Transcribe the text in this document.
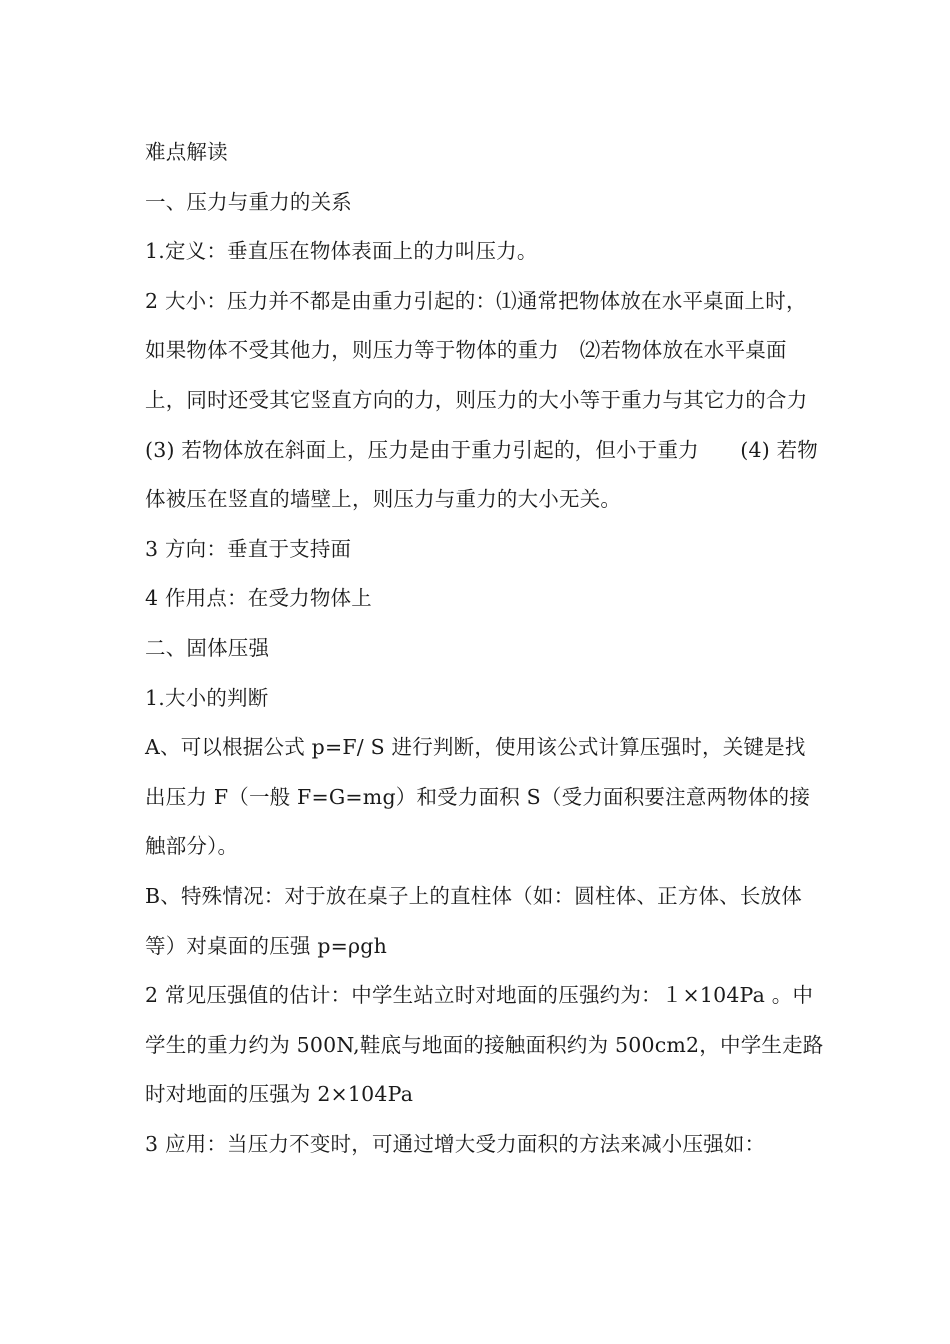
难点解读

一、压力与重力的关系

1.定义：垂直压在物体表面上的力叫压力。

2 大小：压力并不都是由重力引起的：⑴通常把物体放在水平桌面上时，如果物体不受其他力，则压力等于物体的重力　⑵若物体放在水平桌面上，同时还受其它竖直方向的力，则压力的大小等于重力与其它力的合力　(3) 若物体放在斜面上，压力是由于重力引起的，但小于重力　　(4) 若物体被压在竖直的墙壁上，则压力与重力的大小无关。

3 方向：垂直于支持面

4 作用点：在受力物体上

二、固体压强

1.大小的判断

A、可以根据公式 p=F/ S 进行判断，使用该公式计算压强时，关键是找出压力 F（一般 F=G=mg）和受力面积 S（受力面积要注意两物体的接触部分）。

B、特殊情况：对于放在桌子上的直柱体（如：圆柱体、正方体、长放体等）对桌面的压强 p=ρgh

2 常见压强值的估计：中学生站立时对地面的压强约为：１×104Pa 。中学生的重力约为 500N,鞋底与地面的接触面积约为 500cm2，中学生走路时对地面的压强为 2×104Pa

3 应用：当压力不变时，可通过增大受力面积的方法来减小压强如：
